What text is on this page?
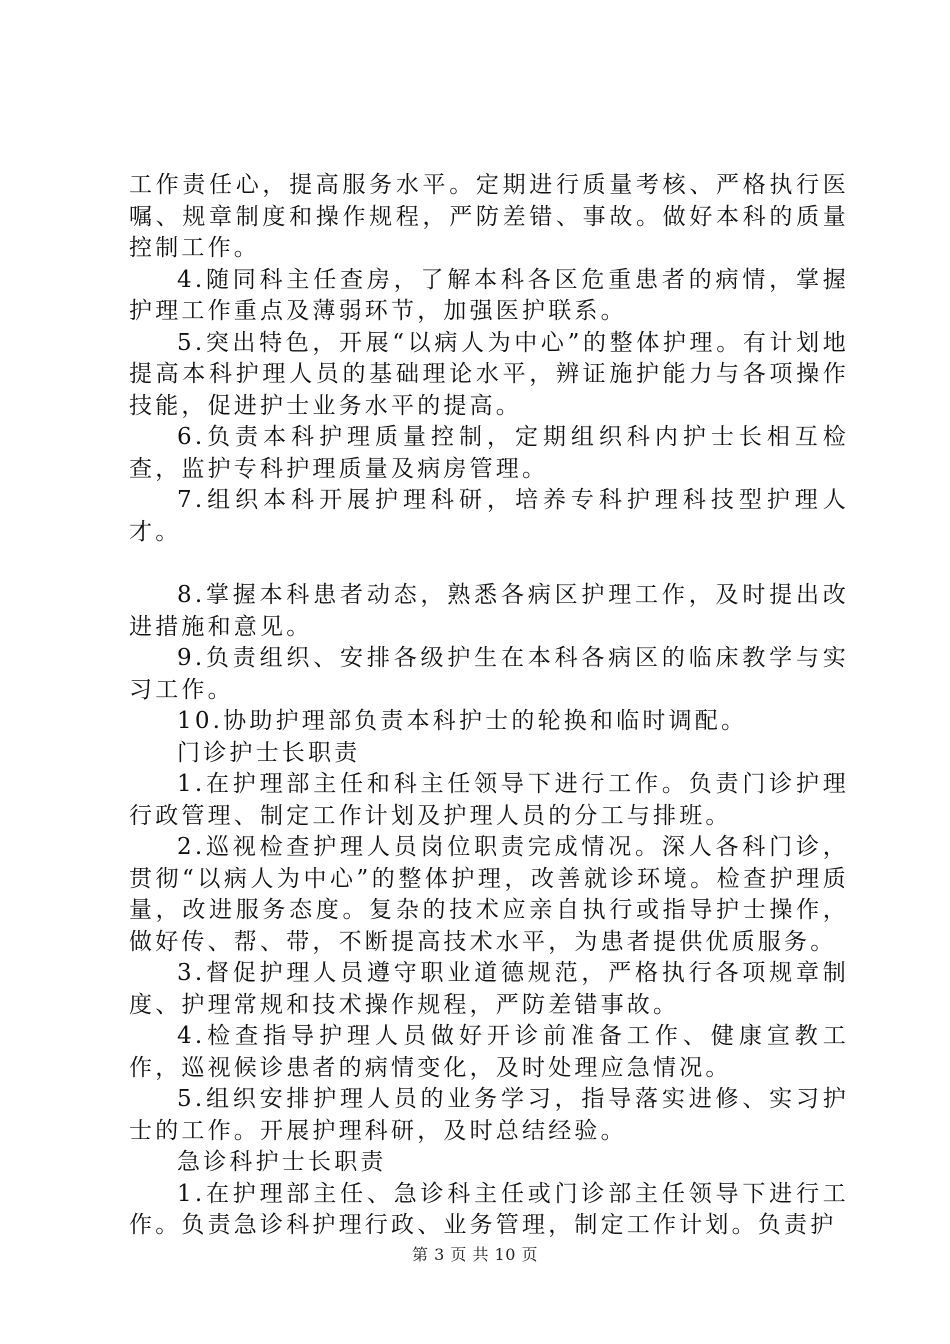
工作责任心，提高服务水平。定期进行质量考核、严格执行医嘱、规章制度和操作规程，严防差错、事故。做好本科的质量控制工作。

4.随同科主任查房，了解本科各区危重患者的病情，掌握护理工作重点及薄弱环节，加强医护联系。

5.突出特色，开展“以病人为中心”的整体护理。有计划地提高本科护理人员的基础理论水平，辨证施护能力与各项操作技能，促进护士业务水平的提高。

6.负责本科护理质量控制，定期组织科内护士长相互检查，监护专科护理质量及病房管理。

7.组织本科开展护理科研，培养专科护理科技型护理人才。

8.掌握本科患者动态，熟悉各病区护理工作，及时提出改进措施和意见。

9.负责组织、安排各级护生在本科各病区的临床教学与实习工作。

10.协助护理部负责本科护士的轮换和临时调配。

门诊护士长职责

1.在护理部主任和科主任领导下进行工作。负责门诊护理行政管理、制定工作计划及护理人员的分工与排班。

2.巡视检查护理人员岗位职责完成情况。深人各科门诊，贯彻“以病人为中心”的整体护理，改善就诊环境。检查护理质量，改进服务态度。复杂的技术应亲自执行或指导护士操作，做好传、帮、带，不断提高技术水平，为患者提供优质服务。

3.督促护理人员遵守职业道德规范，严格执行各项规章制度、护理常规和技术操作规程，严防差错事故。

4.检查指导护理人员做好开诊前准备工作、健康宣教工作，巡视候诊患者的病情变化，及时处理应急情况。

5.组织安排护理人员的业务学习，指导落实进修、实习护士的工作。开展护理科研，及时总结经验。

急诊科护士长职责

1.在护理部主任、急诊科主任或门诊部主任领导下进行工作。负责急诊科护理行政、业务管理，制定工作计划。负责护

第 3 页 共 10 页
